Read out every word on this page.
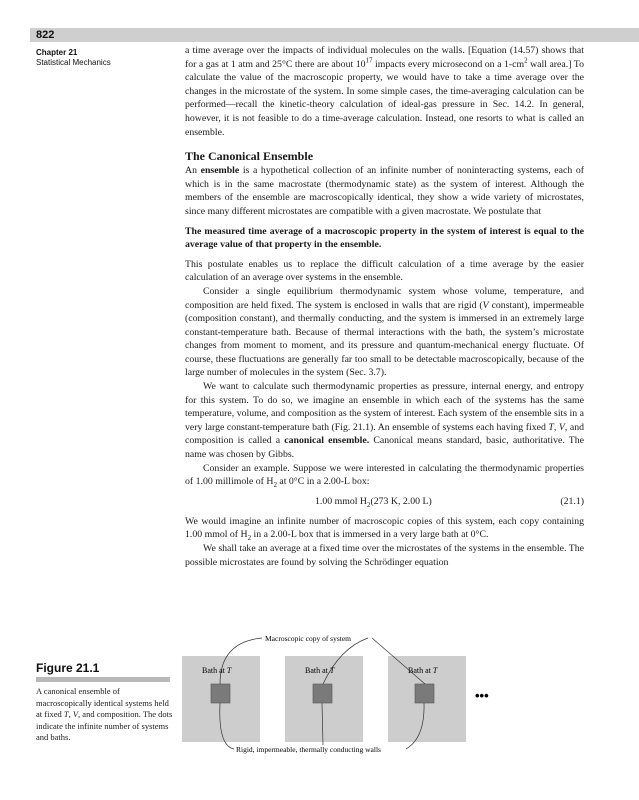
822
Chapter 21
Statistical Mechanics

a time average over the impacts of individual molecules on the walls. [Equation (14.57) shows that for a gas at 1 atm and 25°C there are about $10^{17}$ impacts every microsecond on a $1-cm^2$ wall area.] To calculate the value of the macroscopic property, we would have to take a time average over the changes in the microstate of the system. In some simple cases, the time-averaging calculation can be performed—recall the kinetic-theory calculation of ideal-gas pressure in Sec. 14.2. In general, however, it is not feasible to do a time-average calculation. Instead, one resorts to what is called an ensemble.

The Canonical Ensemble

An ensemble is a hypothetical collection of an infinite number of noninteracting systems, each of which is in the same macrostate (thermodynamic state) as the system of interest. Although the members of the ensemble are macroscopically identical, they show a wide variety of microstates, since many different microstates are compatible with a given macrostate. We postulate that

The measured time average of a macroscopic property in the system of interest is equal to the average value of that property in the ensemble.

This postulate enables us to replace the difficult calculation of a time average by the easier calculation of an average over systems in the ensemble.

Consider a single equilibrium thermodynamic system whose volume, temperature, and composition are held fixed. The system is enclosed in walls that are rigid (V constant), impermeable (composition constant), and thermally conducting, and the system is immersed in an extremely large constant-temperature bath. Because of thermal interactions with the bath, the system’s microstate changes from moment to moment, and its pressure and quantum-mechanical energy fluctuate. Of course, these fluctuations are generally far too small to be detectable macroscopically, because of the large number of molecules in the system (Sec. 3.7).

We want to calculate such thermodynamic properties as pressure, internal energy, and entropy for this system. To do so, we imagine an ensemble in which each of the systems has the same temperature, volume, and composition as the system of interest. Each system of the ensemble sits in a very large constant-temperature bath (Fig. 21.1). An ensemble of systems each having fixed T, V, and composition is called a canonical ensemble. Canonical means standard, basic, authoritative. The name was chosen by Gibbs.

Consider an example. Suppose we were interested in calculating the thermodynamic properties of 1.00 millimole of $H_2$ at 0°C in a 2.00-L box:

1.00 mmol $H_2(273$ K, 2.00 L)	(21.1)

We would imagine an infinite number of macroscopic copies of this system, each copy containing 1.00 mmol of $H_2$ in a 2.00-L box that is immersed in a very large bath at 0°C.

We shall take an average at a fixed time over the microstates of the systems in the ensemble. The possible microstates are found by solving the Schrödinger equation

Figure 21.1
A canonical ensemble of macroscopically identical systems held at fixed T, V, and composition. The dots indicate the infinite number of systems and baths.
Bath at T	Bath at T	Bath at T
•••
Macroscopic copy of system
Rigid, impermeable, thermally conducting walls
